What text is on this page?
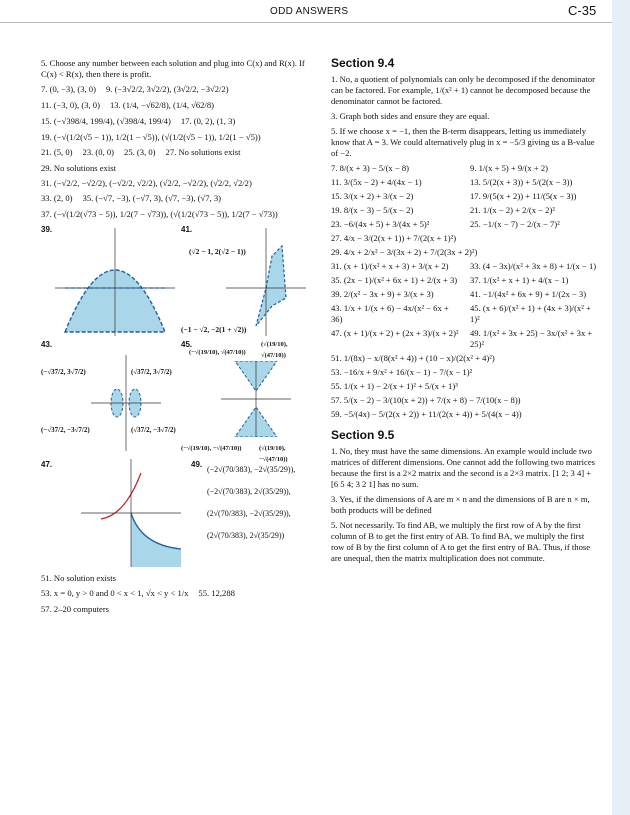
ODD ANSWERS	C-35

5. Choose any number between each solution and plug into C(x) and R(x). If C(x) < R(x), then there is profit.

7. (0, −3), (3, 0) 9. (−3√2/2, 3√2/2), (3√2/2, −3√2/2)
11. (−3, 0), (3, 0) 13. (1/4, −√62/8), (1/4, √62/8)
15. (−√398/4, 199/4), (√398/4, 199/4) 17. (0, 2), (1, 3)

19. (−√(1/2(√5 − 1)), 1/2(1 − √5)), (√(1/2(√5 − 1)), 1/2(1 − √5))

21. (5, 0) 23. (0, 0) 25. (3, 0) 27. No solutions exist

29. No solutions exist

31. (−√2/2, −√2/2), (−√2/2, √2/2), (√2/2, −√2/2), (√2/2, √2/2)

33. (2, 0) 35. (−√7, −3), (−√7, 3), (√7, −3), (√7, 3)

37. (−√(1/2(√73 − 5)), 1/2(7 − √73)), (√(1/2(√73 − 5)), 1/2(7 − √73))

39.	41.
(√2 − 1, 2(√2 − 1))
(−1 − √2, −2(1 + √2))
43.
(−√37/2, 3√7/2)	(√37/2, 3√7/2)
(−√37/2, −3√7/2)	(√37/2, −3√7/2)
45.
(−√(19/10), √(47/10))
(√(19/10), √(47/10))
(−√(19/10), −√(47/10))	(√(19/10), −√(47/10))
47.	49.
(−2√(70/383), −2√(35/29)),
(−2√(70/383), 2√(35/29)),
(2√(70/383), −2√(35/29)),
(2√(70/383), 2√(35/29))

51. No solution exists

53. x = 0, y > 0 and 0 < x < 1, √x < y < 1/x 55. 12,288

57. 2–20 computers

Section 9.4

1. No, a quotient of polynomials can only be decomposed if the denominator can be factored. For example, 1/(x² + 1) cannot be decomposed because the denominator cannot be factored.

3. Graph both sides and ensure they are equal.

5. If we choose x = −1, then the B-term disappears, letting us immediately know that A = 3. We could alternatively plug in x = −5/3 giving us a B-value of −2.

7. 8/(x + 3) − 5/(x − 8)	9. 1/(x + 5) + 9/(x + 2)
11. 3/(5x − 2) + 4/(4x − 1)	13. 5/(2(x + 3)) + 5/(2(x − 3))
15. 3/(x + 2) + 3/(x − 2)	17. 9/(5(x + 2)) + 11/(5(x − 3))
19. 8/(x − 3) − 5/(x − 2)	21. 1/(x − 2) + 2/(x − 2)²
23. −6/(4x + 5) + 3/(4x + 5)²	25. −1/(x − 7) − 2/(x − 7)²
27. 4/x − 3/(2(x + 1)) + 7/(2(x + 1)²)
29. 4/x + 2/x² − 3/(3x + 2) + 7/(2(3x + 2)²)
31. (x + 1)/(x² + x + 3) + 3/(x + 2)	33. (4 − 3x)/(x² + 3x + 8) + 1/(x − 1)
35. (2x − 1)/(x² + 6x + 1) + 2/(x + 3)	37. 1/(x² + x + 1) + 4/(x − 1)
39. 2/(x² − 3x + 9) + 3/(x + 3)	41. −1/(4x² + 6x + 9) + 1/(2x − 3)
43. 1/x + 1/(x + 6) − 4x/(x² − 6x + 36)
45. (x + 6)/(x² + 1) + (4x + 3)/(x² + 1)²
47. (x + 1)/(x + 2) + (2x + 3)/(x + 2)² 49. 1/(x² + 3x + 25) − 3x/(x² + 3x + 25)²
51. 1/(8x) − x/(8(x² + 4)) + (10 − x)/(2(x² + 4)²)
53. −16/x + 9/x² + 16/(x − 1) − 7/(x − 1)²
55. 1/(x + 1) − 2/(x + 1)² + 5/(x + 1)³
57. 5/(x − 2) − 3/(10(x + 2)) + 7/(x + 8) − 7/(10(x − 8))
59. −5/(4x) − 5/(2(x + 2)) + 11/(2(x + 4)) + 5/(4(x − 4))
Section 9.5

1. No, they must have the same dimensions. An example would include two matrices of different dimensions. One cannot add the following two matrices because the first is a 2×2 matrix and the second is a 2×3 matrix. [1 2; 3 4] + [6 5 4; 3 2 1] has no sum.

3. Yes, if the dimensions of A are m × n and the dimensions of B are n × m, both products will be defined

5. Not necessarily. To find AB, we multiply the first row of A by the first column of B to get the first entry of AB. To find BA, we multiply the first row of B by the first column of A to get the first entry of BA. Thus, if those are unequal, then the matrix multiplication does not commute.
